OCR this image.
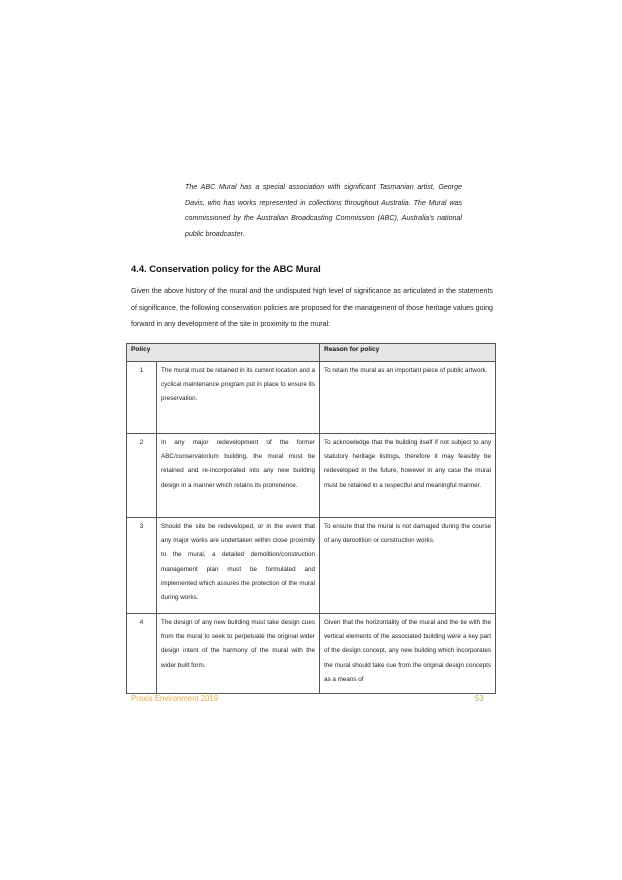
The ABC Mural has a special association with significant Tasmanian artist, George Davis, who has works represented in collections throughout Australia. The Mural was commissioned by the Australian Broadcasting Commission (ABC), Australia's national public broadcaster.
4.4. Conservation policy for the ABC Mural
Given the above history of the mural and the undisputed high level of significance as articulated in the statements of significance, the following conservation policies are proposed for the management of those heritage values going forward in any development of the site in proximity to the mural:
Policy		Reason for policy
1	The mural must be retained in its current location and a cyclical maintenance program put in place to ensure its preservation.	To retain the mural as an important piece of public artwork.
2	In any major redevelopment of the former ABC/conservatorium building, the mural must be retained and re-incorporated into any new building design in a manner which retains its prominence.	To acknowledge that the building itself if not subject to any statutory heritage listings, therefore it may feasibly be redeveloped in the future, however in any case the mural must be retained in a respectful and meaningful manner.
3	Should the site be redeveloped, or in the event that any major works are undertaken within close proximity to the mural, a detailed demolition/construction management plan must be formulated and implemented which assures the protection of the mural during works.	To ensure that the mural is not damaged during the course of any demolition or construction works.
4	The design of any new building must take design cues from the mural to seek to perpetuate the original wider design intent of the harmony of the mural with the wider built form.	Given that the horizontality of the mural and the tie with the vertical elements of the associated building were a key part of the design concept, any new building which incorporates the mural should take cue from the original design concepts as a means of
Praxis Environment 2019	53
